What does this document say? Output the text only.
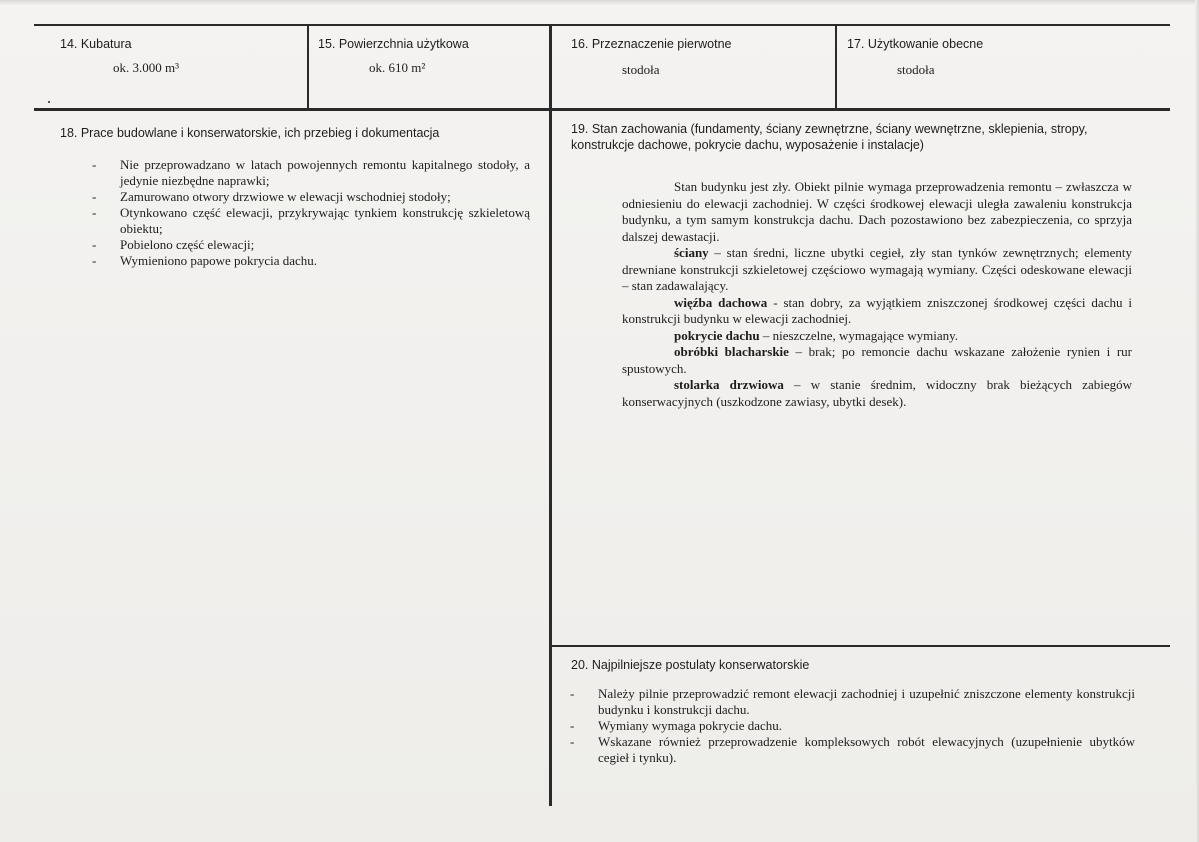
14. Kubatura
ok. 3.000 m³
15. Powierzchnia użytkowa
ok. 610 m²
16. Przeznaczenie pierwotne
stodoła
17. Użytkowanie obecne
stodoła
18. Prace budowlane i konserwatorskie, ich przebieg i dokumentacja
- Nie przeprowadzano w latach powojennych remontu kapitalnego stodoły, a jedynie niezbędne naprawki;
- Zamurowano otwory drzwiowe w elewacji wschodniej stodoły;
- Otynkowano część elewacji, przykrywając tynkiem konstrukcję szkieletową obiektu;
- Pobielono część elewacji;
- Wymieniono papowe pokrycia dachu.
19. Stan zachowania (fundamenty, ściany zewnętrzne, ściany wewnętrzne, sklepienia, stropy, konstrukcje dachowe, pokrycie dachu, wyposażenie i instalacje)

Stan budynku jest zły. Obiekt pilnie wymaga przeprowadzenia remontu – zwłaszcza w odniesieniu do elewacji zachodniej. W części środkowej elewacji uległa zawaleniu konstrukcja budynku, a tym samym konstrukcja dachu. Dach pozostawiono bez zabezpieczenia, co sprzyja dalszej dewastacji.

ściany – stan średni, liczne ubytki cegieł, zły stan tynków zewnętrznych; elementy drewniane konstrukcji szkieletowej częściowo wymagają wymiany. Części odeskowane elewacji – stan zadawalający.

więźba dachowa - stan dobry, za wyjątkiem zniszczonej środkowej części dachu i konstrukcji budynku w elewacji zachodniej.

pokrycie dachu – nieszczelne, wymagające wymiany.

obróbki blacharskie – brak; po remoncie dachu wskazane założenie rynien i rur spustowych.

stolarka drzwiowa – w stanie średnim, widoczny brak bieżących zabiegów konserwacyjnych (uszkodzone zawiasy, ubytki desek).

20. Najpilniejsze postulaty konserwatorskie
- Należy pilnie przeprowadzić remont elewacji zachodniej i uzupełnić zniszczone elementy konstrukcji budynku i konstrukcji dachu.
- Wymiany wymaga pokrycie dachu.
- Wskazane również przeprowadzenie kompleksowych robót elewacyjnych (uzupełnienie ubytków cegieł i tynku).
